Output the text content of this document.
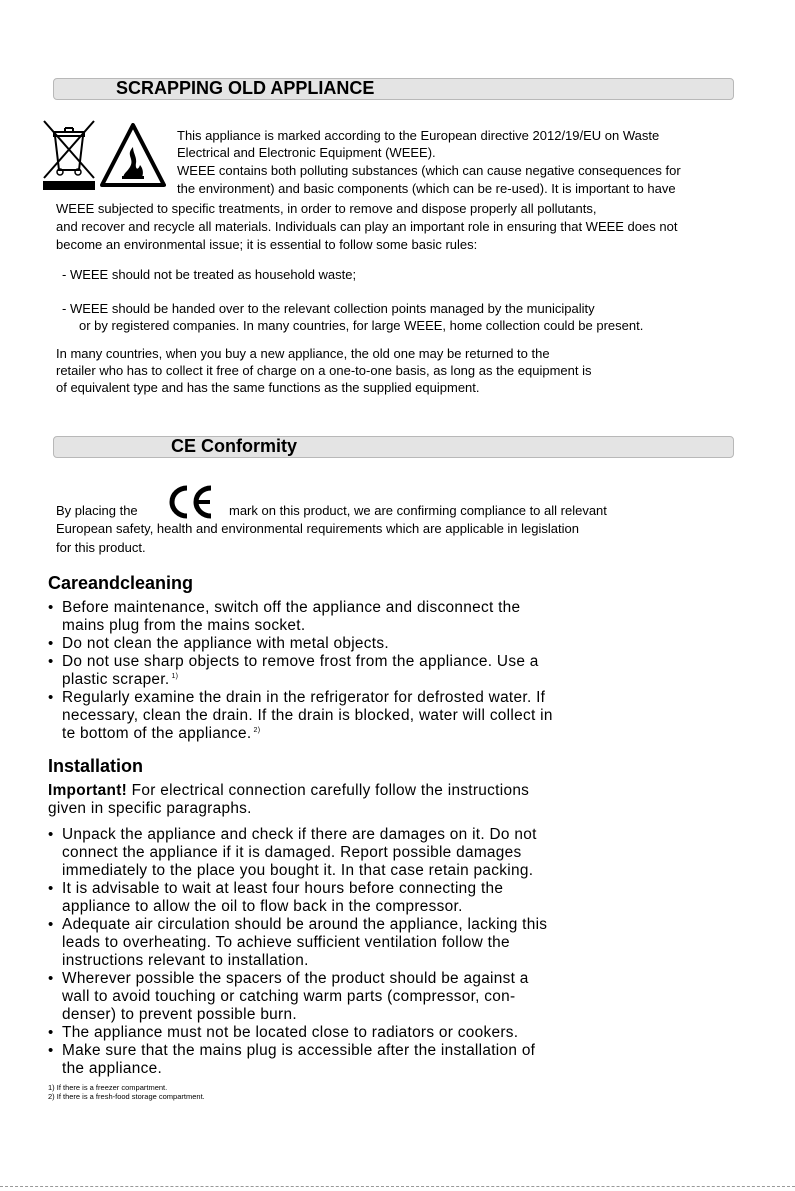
SCRAPPING OLD APPLIANCE
This appliance is marked according to the European directive 2012/19/EU on Waste
Electrical and Electronic Equipment (WEEE).
WEEE contains both polluting substances (which can cause negative consequences for
the environment) and basic components (which can be re-used). It is important to have
WEEE subjected to specific treatments, in order to remove and dispose properly all pollutants,
and recover and recycle all materials. Individuals can play an important role in ensuring that WEEE does not
become an environmental issue; it is essential to follow some basic rules:
- WEEE should not be treated as household waste;
- WEEE should be handed over to the relevant collection points managed by the municipality
or by registered companies. In many countries, for large WEEE, home collection could be present.
In many countries, when you buy a new appliance, the old one may be returned to the
retailer who has to collect it free of charge on a one-to-one basis, as long as the equipment is
of equivalent type and has the same functions as the supplied equipment.
CE Conformity
By placing the	mark on this product, we are confirming compliance to all relevant
European safety, health and environmental requirements which are applicable in legislation
for this product.
Careandcleaning
• Before maintenance, switch off the appliance and disconnect the
mains plug from the mains socket.
• Do not clean the appliance with metal objects.
• Do not use sharp objects to remove frost from the appliance. Use a
plastic scraper. $^{1)}$
• Regularly examine the drain in the refrigerator for defrosted water. If
necessary, clean the drain. If the drain is blocked, water will collect in
te bottom of the appliance. $^{2)}$
Installation
Important! For electrical connection carefully follow the instructions
given in specific paragraphs.
• Unpack the appliance and check if there are damages on it. Do not
connect the appliance if it is damaged. Report possible damages
immediately to the place you bought it. In that case retain packing.
• It is advisable to wait at least four hours before connecting the
appliance to allow the oil to flow back in the compressor.
• Adequate air circulation should be around the appliance, lacking this
leads to overheating. To achieve sufficient ventilation follow the
instructions relevant to installation.
• Wherever possible the spacers of the product should be against a
wall to avoid touching or catching warm parts (compressor, con-
denser) to prevent possible burn.
• The appliance must not be located close to radiators or cookers.
• Make sure that the mains plug is accessible after the installation of
the appliance.
1) If there is a freezer compartment.
2) If there is a fresh-food storage compartment.
